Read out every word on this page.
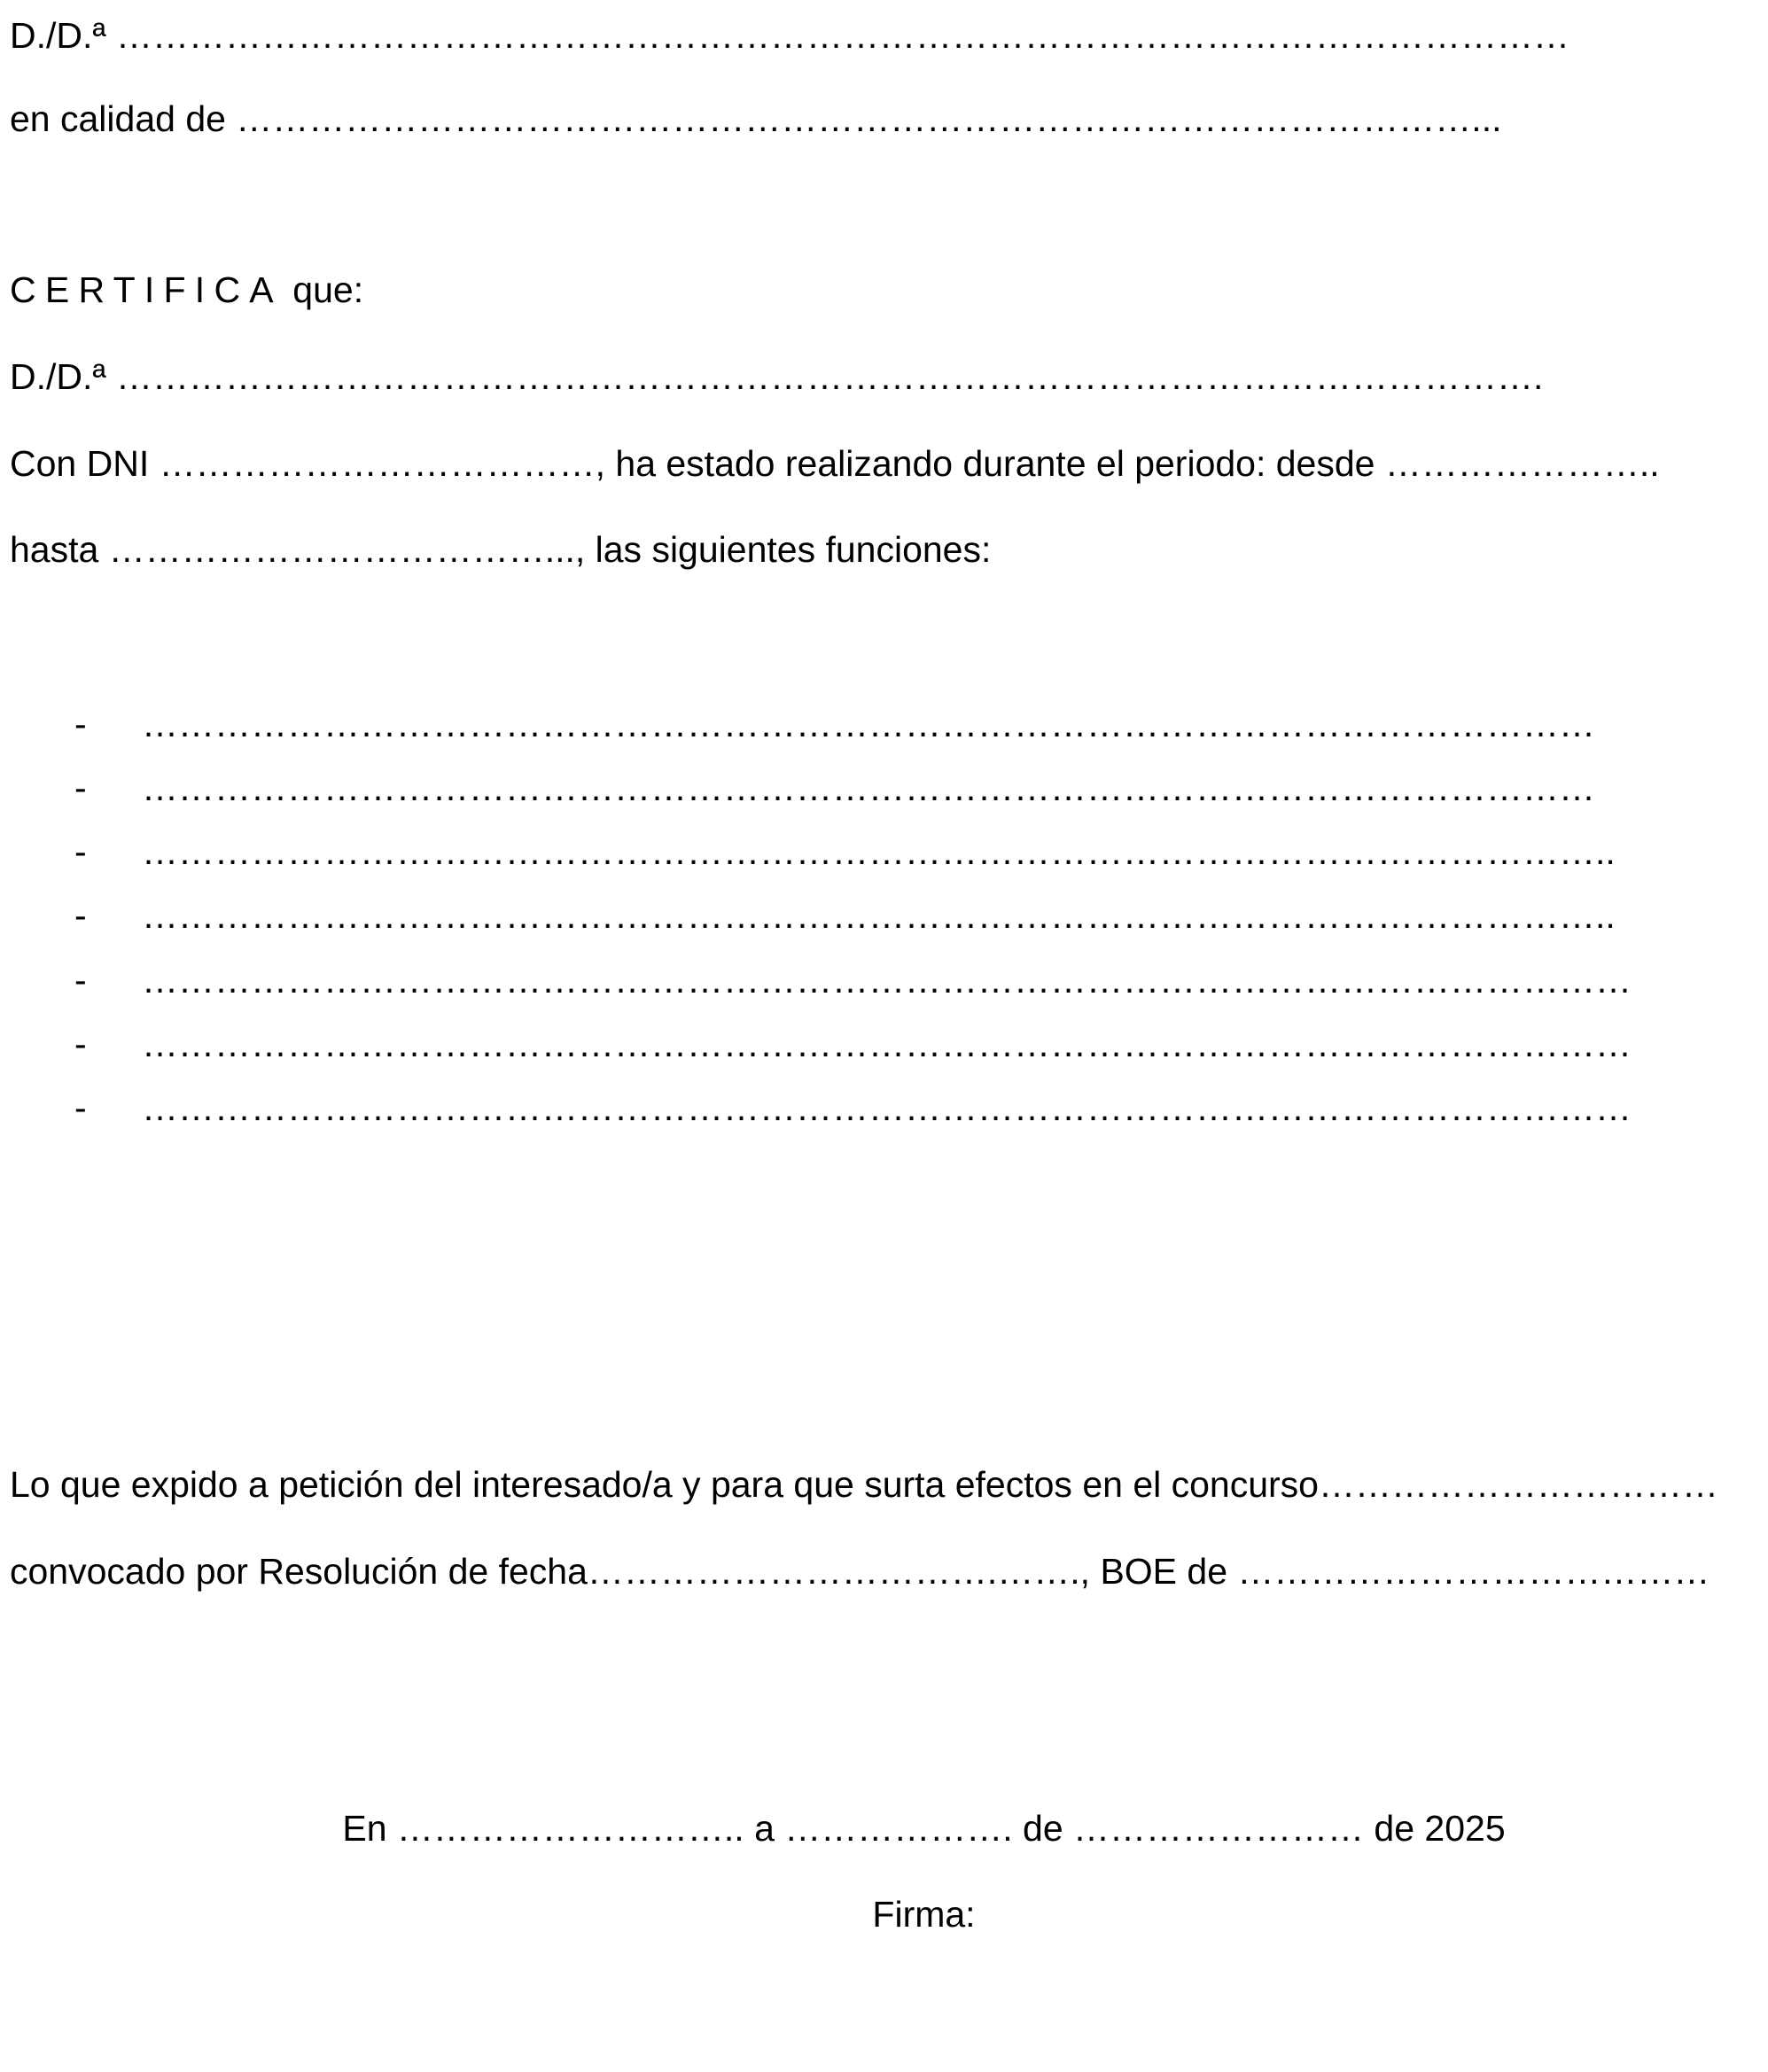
D./D.ª …………………………………………………………………………………………………………
en calidad de …………………………………………………………………………………………...
CERTIFICA que:
D./D.ª ……………………………………………………………………………………………………….
Con DNI ………………………………, ha estado realizando durante el periodo: desde …………………..
hasta ………………………………..., las siguientes funciones:
- …………………………………………………………………………………………………………
- …………………………………………………………………………………………………………
- …………………………………………………………………………………………………………..
- …………………………………………………………………………………………………………..
- ……………………………………………………………………………………………………………
- ……………………………………………………………………………………………………………
- ……………………………………………………………………………………………………………
Lo que expido a petición del interesado/a y para que surta efectos en el concurso……………………………
convocado por Resolución de fecha…………………………….……., BOE de …………………………………
En ……………………….. a ………………. de …………………… de 2025
Firma:
